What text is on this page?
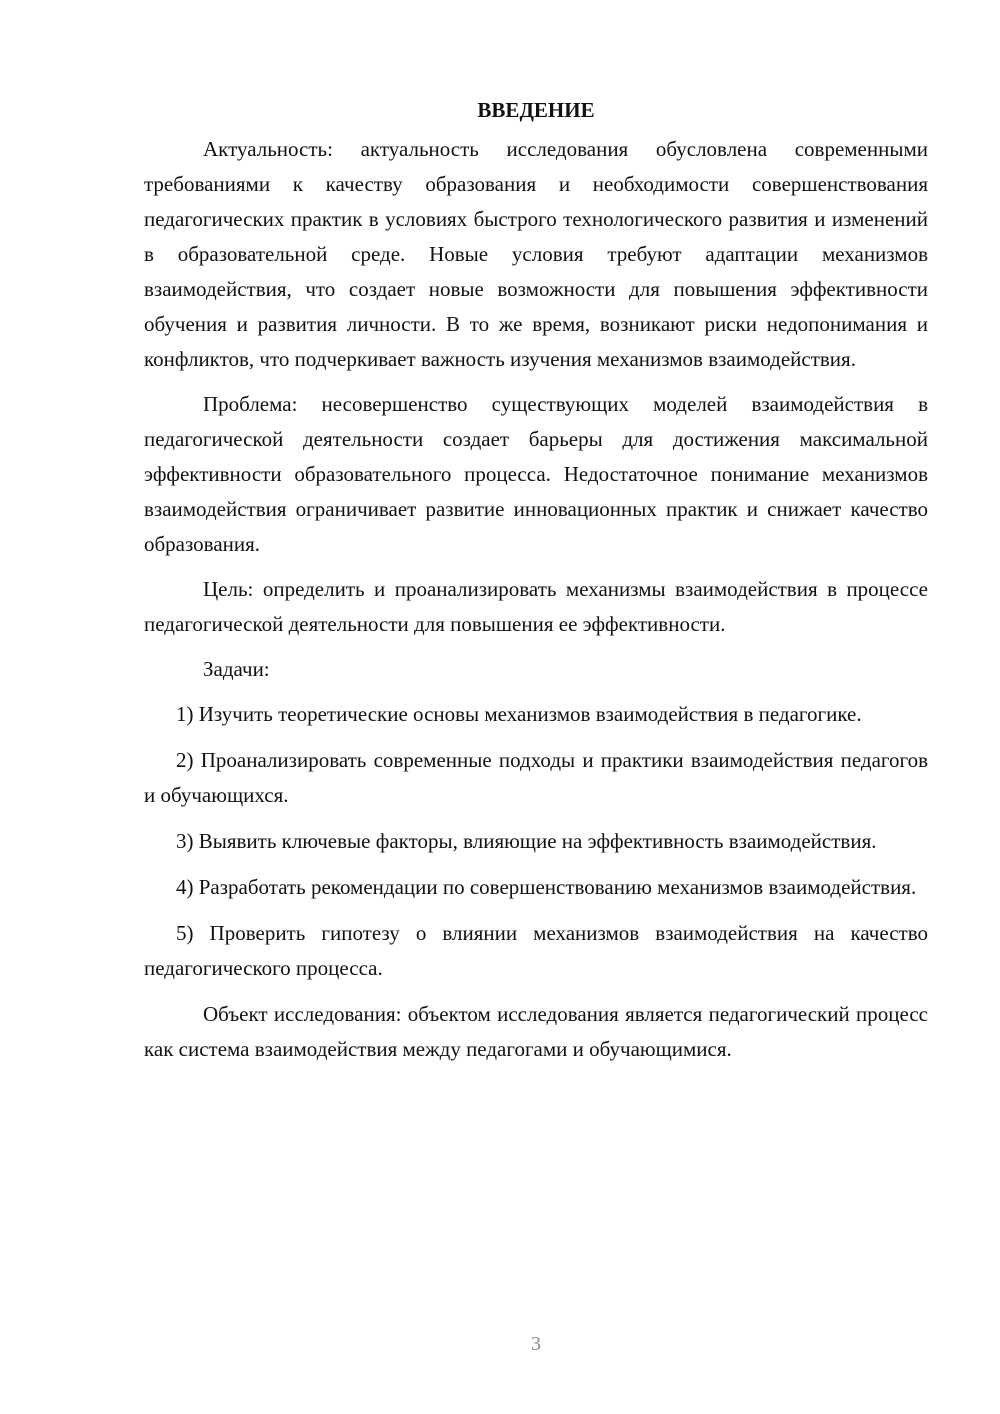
ВВЕДЕНИЕ

Актуальность: актуальность исследования обусловлена современными требованиями к качеству образования и необходимости совершенствования педагогических практик в условиях быстрого технологического развития и изменений в образовательной среде. Новые условия требуют адаптации механизмов взаимодействия, что создает новые возможности для повышения эффективности обучения и развития личности. В то же время, возникают риски недопонимания и конфликтов, что подчеркивает важность изучения механизмов взаимодействия.

Проблема: несовершенство существующих моделей взаимодействия в педагогической деятельности создает барьеры для достижения максимальной эффективности образовательного процесса. Недостаточное понимание механизмов взаимодействия ограничивает развитие инновационных практик и снижает качество образования.

Цель: определить и проанализировать механизмы взаимодействия в процессе педагогической деятельности для повышения ее эффективности.

Задачи:

1) Изучить теоретические основы механизмов взаимодействия в педагогике.

2) Проанализировать современные подходы и практики взаимодействия педагогов и обучающихся.

3) Выявить ключевые факторы, влияющие на эффективность взаимодействия.

4) Разработать рекомендации по совершенствованию механизмов взаимодействия.

5) Проверить гипотезу о влиянии механизмов взаимодействия на качество педагогического процесса.

Объект исследования: объектом исследования является педагогический процесс как система взаимодействия между педагогами и обучающимися.

3
